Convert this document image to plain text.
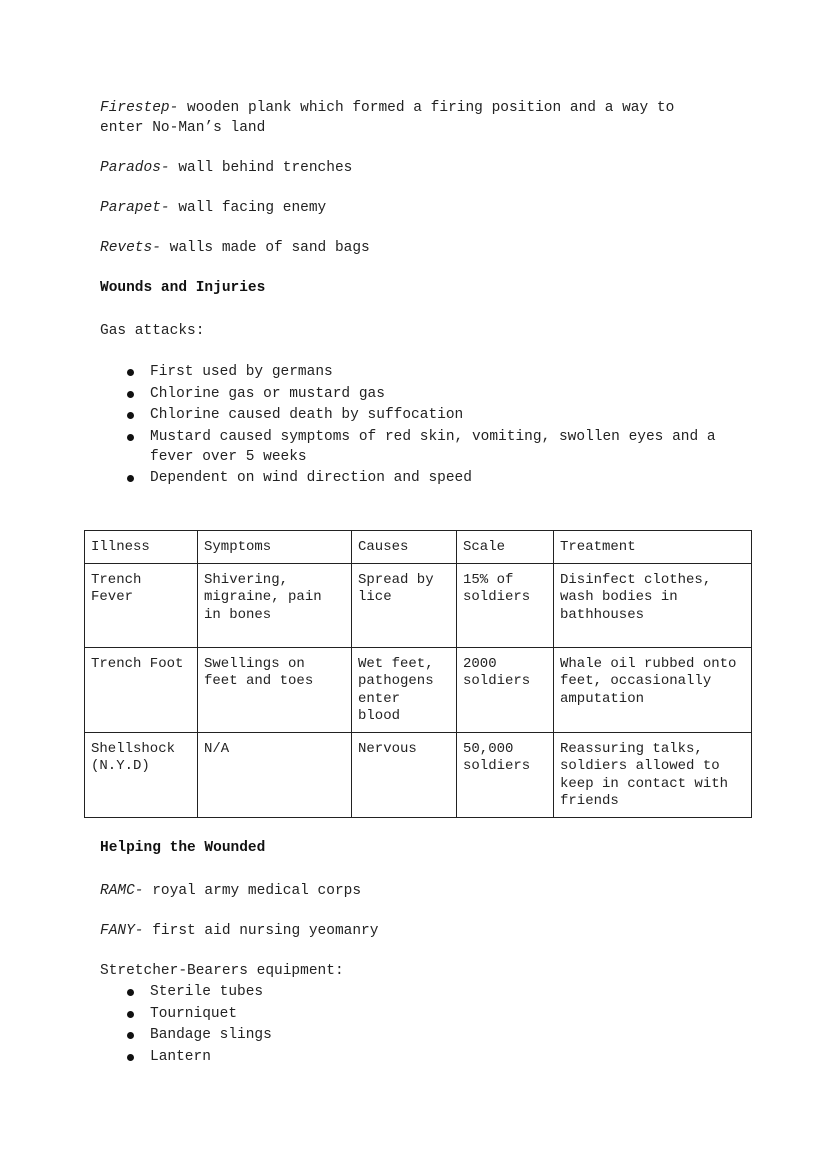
Firestep- wooden plank which formed a firing position and a way to
enter No-Man’s land
Parados- wall behind trenches
Parapet- wall facing enemy
Revets- walls made of sand bags
Wounds and Injuries
Gas attacks:
First used by germans
Chlorine gas or mustard gas
Chlorine caused death by suffocation
Mustard caused symptoms of red skin, vomiting, swollen eyes and a fever over 5 weeks
Dependent on wind direction and speed
Illness	Symptoms	Causes	Scale	Treatment
Trench Fever	Shivering, migraine, pain in bones	Spread by lice	15% of soldiers	Disinfect clothes, wash bodies in bathhouses
Trench Foot	Swellings on feet and toes	Wet feet, pathogens enter blood	2000 soldiers	Whale oil rubbed onto feet, occasionally amputation
Shellshock (N.Y.D)	N/A	Nervous	50,000 soldiers	Reassuring talks, soldiers allowed to keep in contact with friends
Helping the Wounded
RAMC- royal army medical corps
FANY- first aid nursing yeomanry
Stretcher-Bearers equipment:
Sterile tubes
Tourniquet
Bandage slings
Lantern
